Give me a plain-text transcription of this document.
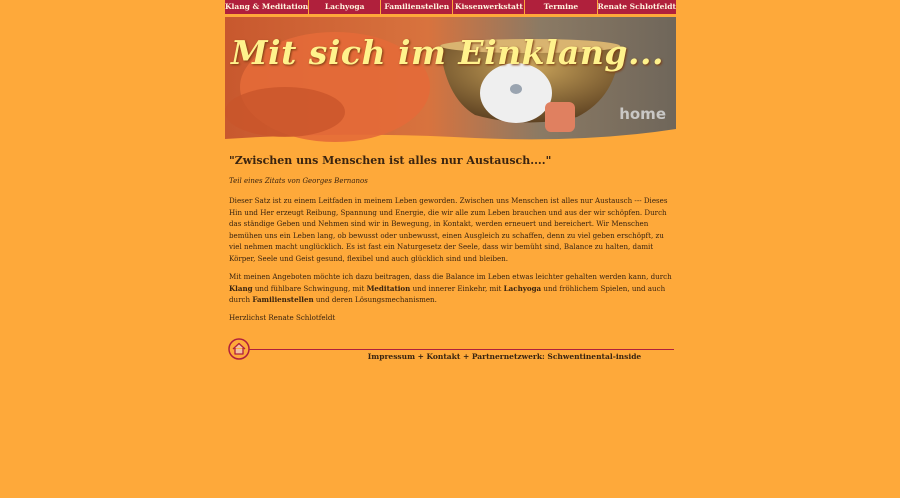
Klang & Meditation	Lachyoga	Familienstellen Kissenwerkstatt	Termine	Renate Schlotfeldt
Mit sich im Einklang...
home
"Zwischen uns Menschen ist alles nur Austausch...."

Teil eines Zitats von Georges Bernanos

Dieser Satz ist zu einem Leitfaden in meinem Leben geworden. Zwischen uns Menschen ist alles nur Austausch --- Dieses Hin und Her erzeugt Reibung, Spannung und Energie, die wir alle zum Leben brauchen und aus der wir schöpfen. Durch das ständige Geben und Nehmen sind wir in Bewegung, in Kontakt, werden erneuert und bereichert. Wir Menschen bemühen uns ein Leben lang, ob bewusst oder unbewusst, einen Ausgleich zu schaffen, denn zu viel geben erschöpft, zu viel nehmen macht unglücklich. Es ist fast ein Naturgesetz der Seele, dass wir bemüht sind, Balance zu halten, damit Körper, Seele und Geist gesund, flexibel und auch glücklich sind und bleiben.

Mit meinen Angeboten möchte ich dazu beitragen, dass die Balance im Leben etwas leichter gehalten werden kann, durch Klang und fühlbare Schwingung, mit Meditation und innerer Einkehr, mit Lachyoga und fröhlichem Spielen, und auch durch Familienstellen und deren Lösungsmechanismen.

Herzlichst Renate Schlotfeldt

Impressum + Kontakt + Partnernetzwerk: Schwentinental-inside
